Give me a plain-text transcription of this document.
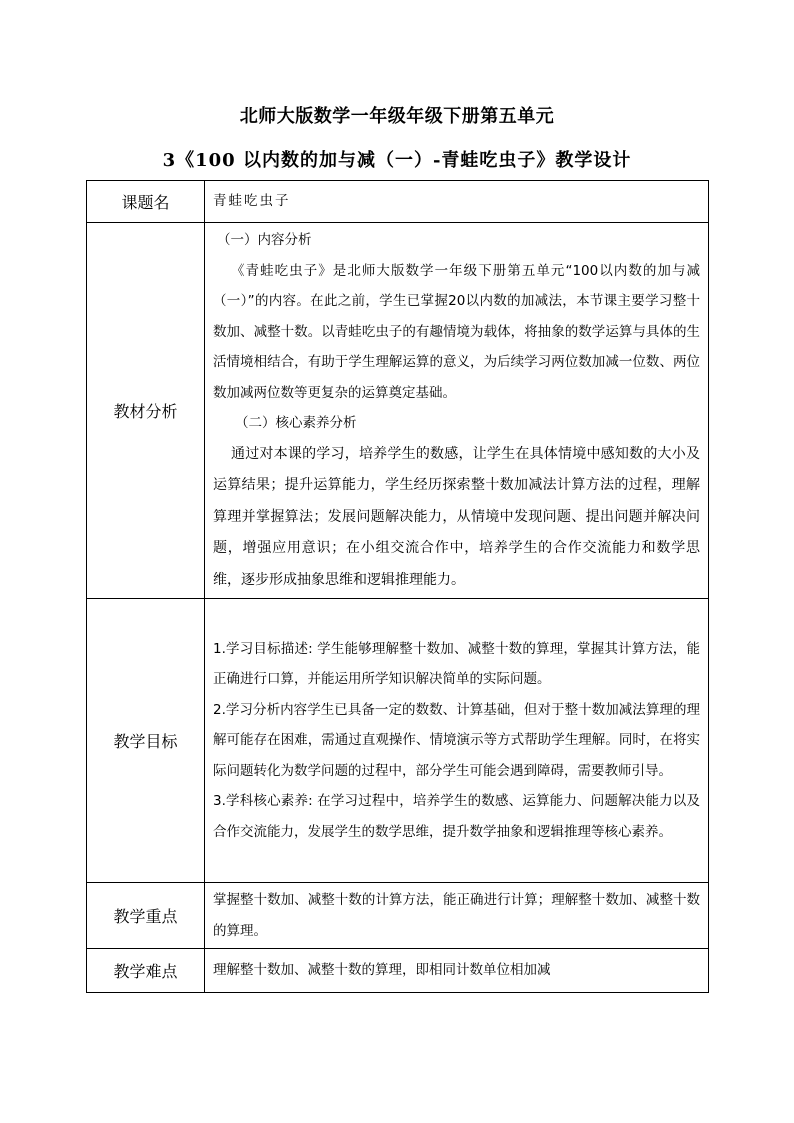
北师大版数学一年级年级下册第五单元
3《100 以内数的加与减（一）-青蛙吃虫子》教学设计
课题名	青蛙吃虫子
教材分析	（一）内容分析

《青蛙吃虫子》是北师大版数学一年级下册第五单元“100以内数的加与减（一）”的内容。在此之前，学生已掌握20以内数的加减法，本节课主要学习整十数加、减整十数。以青蛙吃虫子的有趣情境为载体，将抽象的数学运算与具体的生活情境相结合，有助于学生理解运算的意义，为后续学习两位数加减一位数、两位数加减两位数等更复杂的运算奠定基础。

（二）核心素养分析

通过对本课的学习，培养学生的数感，让学生在具体情境中感知数的大小及运算结果；提升运算能力，学生经历探索整十数加减法计算方法的过程，理解算理并掌握算法；发展问题解决能力，从情境中发现问题、提出问题并解决问题，增强应用意识；在小组交流合作中，培养学生的合作交流能力和数学思维，逐步形成抽象思维和逻辑推理能力。

教学目标	1.学习目标描述: 学生能够理解整十数加、减整十数的算理，掌握其计算方法，能正确进行口算，并能运用所学知识解决简单的实际问题。

2.学习分析内容学生已具备一定的数数、计算基础，但对于整十数加减法算理的理解可能存在困难，需通过直观操作、情境演示等方式帮助学生理解。同时，在将实际问题转化为数学问题的过程中，部分学生可能会遇到障碍，需要教师引导。

3.学科核心素养: 在学习过程中，培养学生的数感、运算能力、问题解决能力以及合作交流能力，发展学生的数学思维，提升数学抽象和逻辑推理等核心素养。

教学重点	掌握整十数加、减整十数的计算方法，能正确进行计算；理解整十数加、减整十数的算理。
教学难点	理解整十数加、减整十数的算理，即相同计数单位相加减
